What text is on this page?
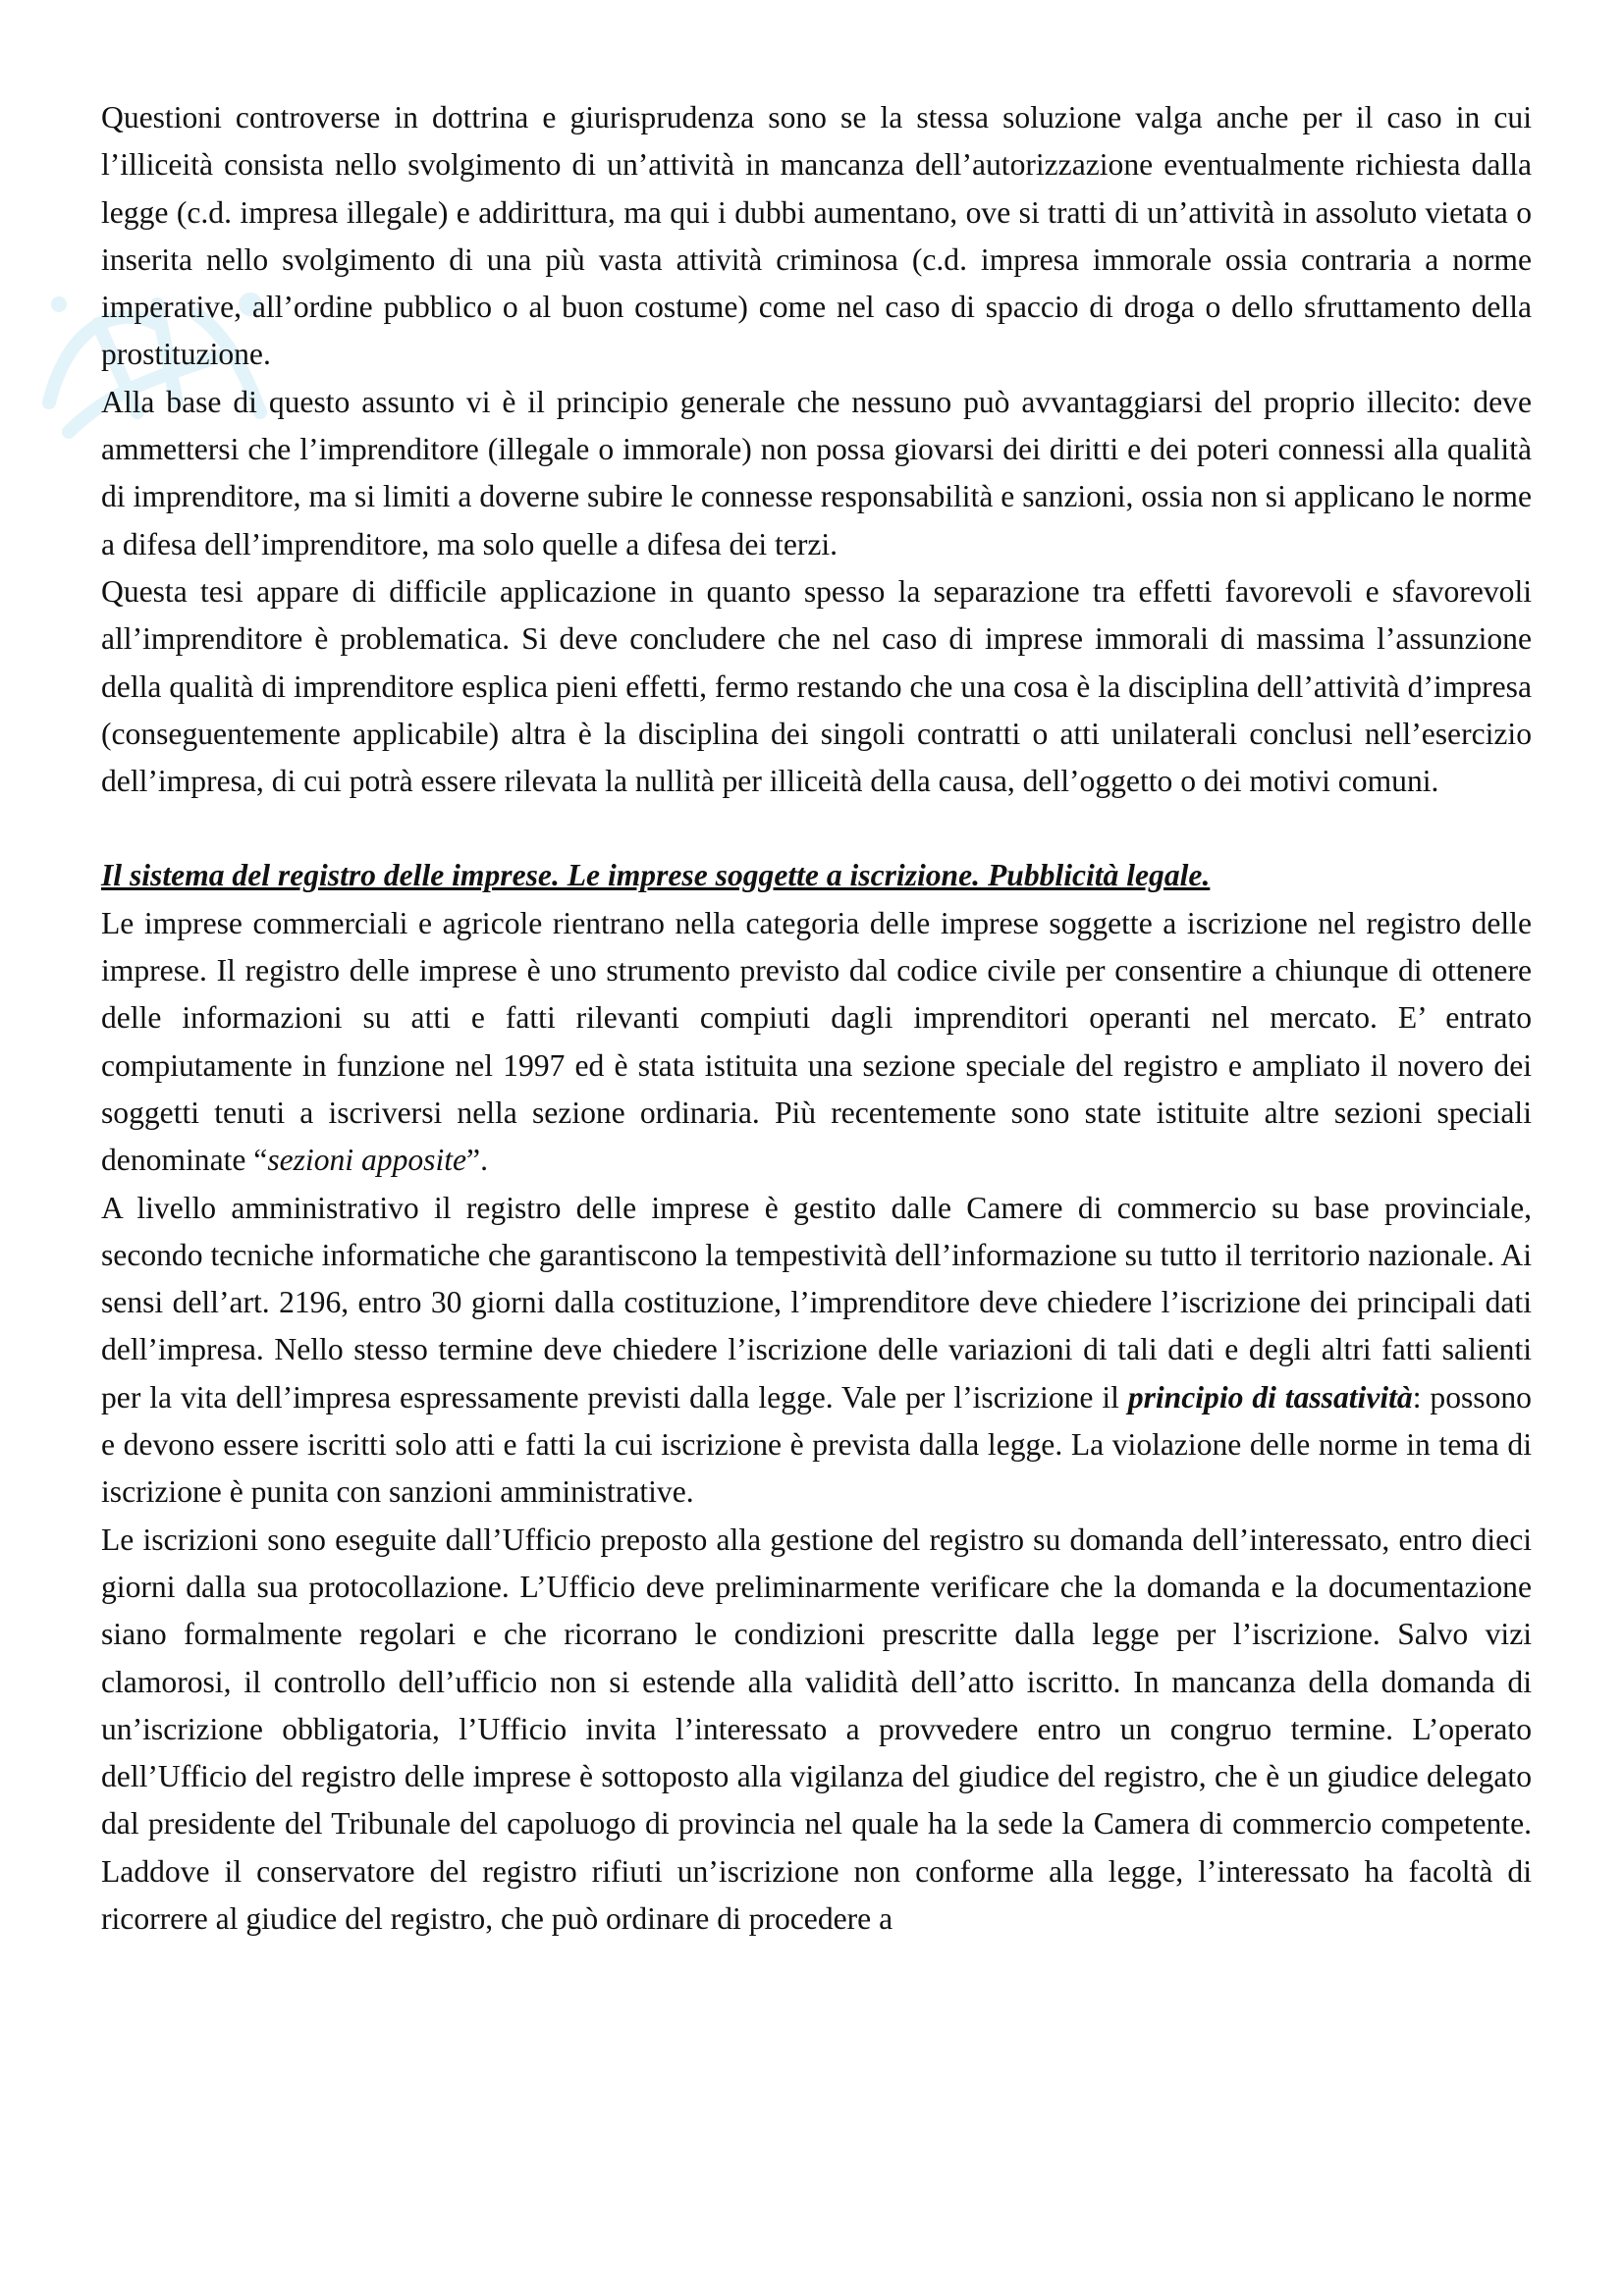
Questioni controverse in dottrina e giurisprudenza sono se la stessa soluzione valga anche per il caso in cui l’illiceità consista nello svolgimento di un’attività in mancanza dell’autorizzazione eventualmente richiesta dalla legge (c.d. impresa illegale) e addirittura, ma qui i dubbi aumentano, ove si tratti di un’attività in assoluto vietata o inserita nello svolgimento di una più vasta attività criminosa (c.d. impresa immorale ossia contraria a norme imperative, all’ordine pubblico o al buon costume) come nel caso di spaccio di droga o dello sfruttamento della prostituzione.

Alla base di questo assunto vi è il principio generale che nessuno può avvantaggiarsi del proprio illecito: deve ammettersi che l’imprenditore (illegale o immorale) non possa giovarsi dei diritti e dei poteri connessi alla qualità di imprenditore, ma si limiti a doverne subire le connesse responsabilità e sanzioni, ossia non si applicano le norme a difesa dell’imprenditore, ma solo quelle a difesa dei terzi.

Questa tesi appare di difficile applicazione in quanto spesso la separazione tra effetti favorevoli e sfavorevoli all’imprenditore è problematica. Si deve concludere che nel caso di imprese immorali di massima l’assunzione della qualità di imprenditore esplica pieni effetti, fermo restando che una cosa è la disciplina dell’attività d’impresa (conseguentemente applicabile) altra è la disciplina dei singoli contratti o atti unilaterali conclusi nell’esercizio dell’impresa, di cui potrà essere rilevata la nullità per illiceità della causa, dell’oggetto o dei motivi comuni.

Il sistema del registro delle imprese. Le imprese soggette a iscrizione. Pubblicità legale.

Le imprese commerciali e agricole rientrano nella categoria delle imprese soggette a iscrizione nel registro delle imprese. Il registro delle imprese è uno strumento previsto dal codice civile per consentire a chiunque di ottenere delle informazioni su atti e fatti rilevanti compiuti dagli imprenditori operanti nel mercato. E’ entrato compiutamente in funzione nel 1997 ed è stata istituita una sezione speciale del registro e ampliato il novero dei soggetti tenuti a iscriversi nella sezione ordinaria. Più recentemente sono state istituite altre sezioni speciali denominate “sezioni apposite”.

A livello amministrativo il registro delle imprese è gestito dalle Camere di commercio su base provinciale, secondo tecniche informatiche che garantiscono la tempestività dell’informazione su tutto il territorio nazionale. Ai sensi dell’art. 2196, entro 30 giorni dalla costituzione, l’imprenditore deve chiedere l’iscrizione dei principali dati dell’impresa. Nello stesso termine deve chiedere l’iscrizione delle variazioni di tali dati e degli altri fatti salienti per la vita dell’impresa espressamente previsti dalla legge. Vale per l’iscrizione il principio di tassatività: possono e devono essere iscritti solo atti e fatti la cui iscrizione è prevista dalla legge. La violazione delle norme in tema di iscrizione è punita con sanzioni amministrative.

Le iscrizioni sono eseguite dall’Ufficio preposto alla gestione del registro su domanda dell’interessato, entro dieci giorni dalla sua protocollazione. L’Ufficio deve preliminarmente verificare che la domanda e la documentazione siano formalmente regolari e che ricorrano le condizioni prescritte dalla legge per l’iscrizione. Salvo vizi clamorosi, il controllo dell’ufficio non si estende alla validità dell’atto iscritto. In mancanza della domanda di un’iscrizione obbligatoria, l’Ufficio invita l’interessato a provvedere entro un congruo termine. L’operato dell’Ufficio del registro delle imprese è sottoposto alla vigilanza del giudice del registro, che è un giudice delegato dal presidente del Tribunale del capoluogo di provincia nel quale ha la sede la Camera di commercio competente. Laddove il conservatore del registro rifiuti un’iscrizione non conforme alla legge, l’interessato ha facoltà di ricorrere al giudice del registro, che può ordinare di procedere a
